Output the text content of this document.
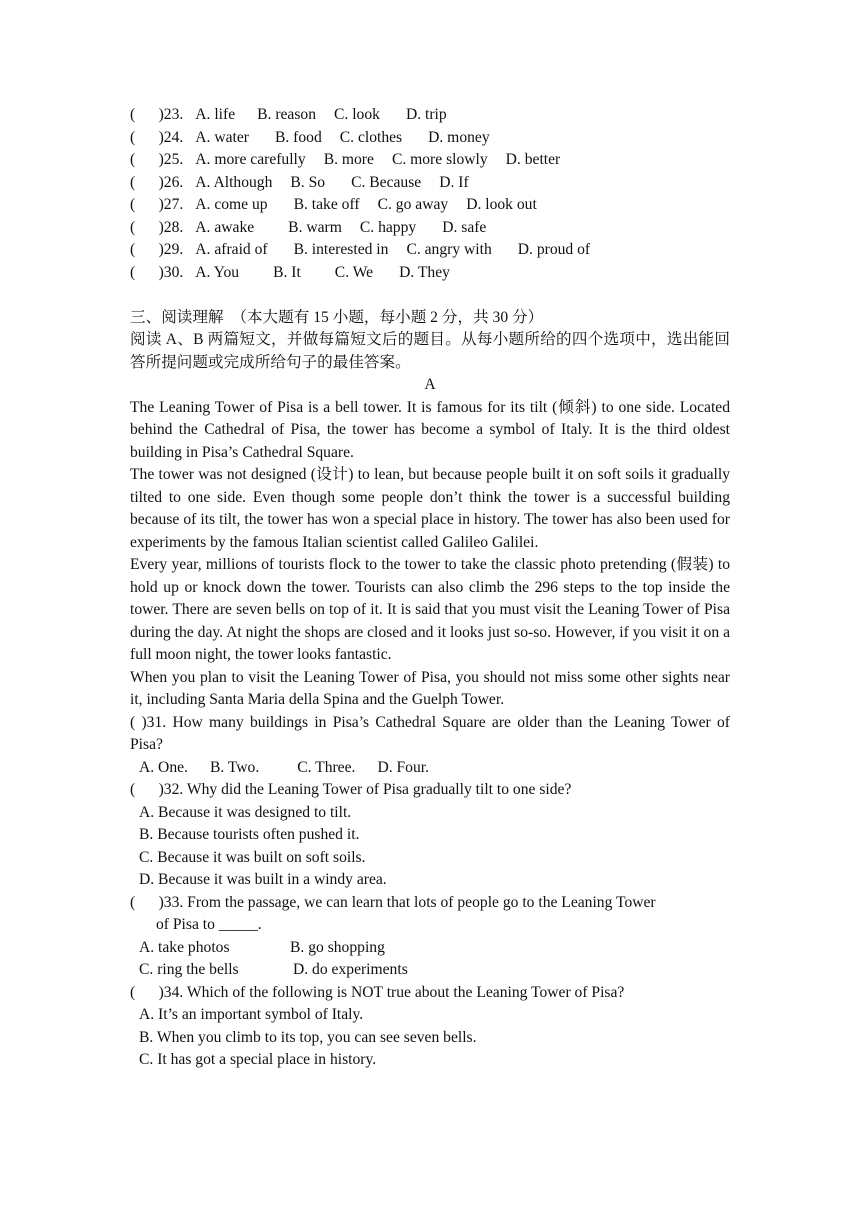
(      )23. A. life B. reason C. look D. trip
(      )24. A. water B. food C. clothes D. money
(      )25. A. more carefully B. more C. more slowly D. better
(      )26. A. Although B. So C. Because D. If
(      )27. A. come up B. take off C. go away D. look out
(      )28. A. awake B. warm C. happy D. safe
(      )29. A. afraid of B. interested in C. angry with D. proud of
(      )30. A. You B. It C. We D. They
三、阅读理解  （本大题有 15 小题，每小题 2 分，共 30 分）
阅读 A、B 两篇短文，并做每篇短文后的题目。从每小题所给的四个选项中，选出能回答所提问题或完成所给句子的最佳答案。
A
The Leaning Tower of Pisa is a bell tower. It is famous for its tilt (倾斜) to one side. Located behind the Cathedral of Pisa, the tower has become a symbol of Italy. It is the third oldest building in Pisa’s Cathedral Square.
The tower was not designed (设计) to lean, but because people built it on soft soils it gradually tilted to one side. Even though some people don’t think the tower is a successful building because of its tilt, the tower has won a special place in history. The tower has also been used for experiments by the famous Italian scientist called Galileo Galilei.
Every year, millions of tourists flock to the tower to take the classic photo pretending (假装) to hold up or knock down the tower. Tourists can also climb the 296 steps to the top inside the tower. There are seven bells on top of it. It is said that you must visit the Leaning Tower of Pisa during the day. At night the shops are closed and it looks just so-so. However, if you visit it on a full moon night, the tower looks fantastic.
When you plan to visit the Leaning Tower of Pisa, you should not miss some other sights near it, including Santa Maria della Spina and the Guelph Tower.
( )31. How many buildings in Pisa’s Cathedral Square are older than the Leaning Tower of Pisa?
A. One. B. Two. C. Three. D. Four.
(      )32. Why did the Leaning Tower of Pisa gradually tilt to one side?
A. Because it was designed to tilt.
B. Because tourists often pushed it.
C. Because it was built on soft soils.
D. Because it was built in a windy area.
(      )33. From the passage, we can learn that lots of people go to the Leaning Tower
of Pisa to _____.
A. take photos	B. go shopping
C. ring the bells	D. do experiments
(      )34. Which of the following is NOT true about the Leaning Tower of Pisa?
A. It’s an important symbol of Italy.
B. When you climb to its top, you can see seven bells.
C. It has got a special place in history.
